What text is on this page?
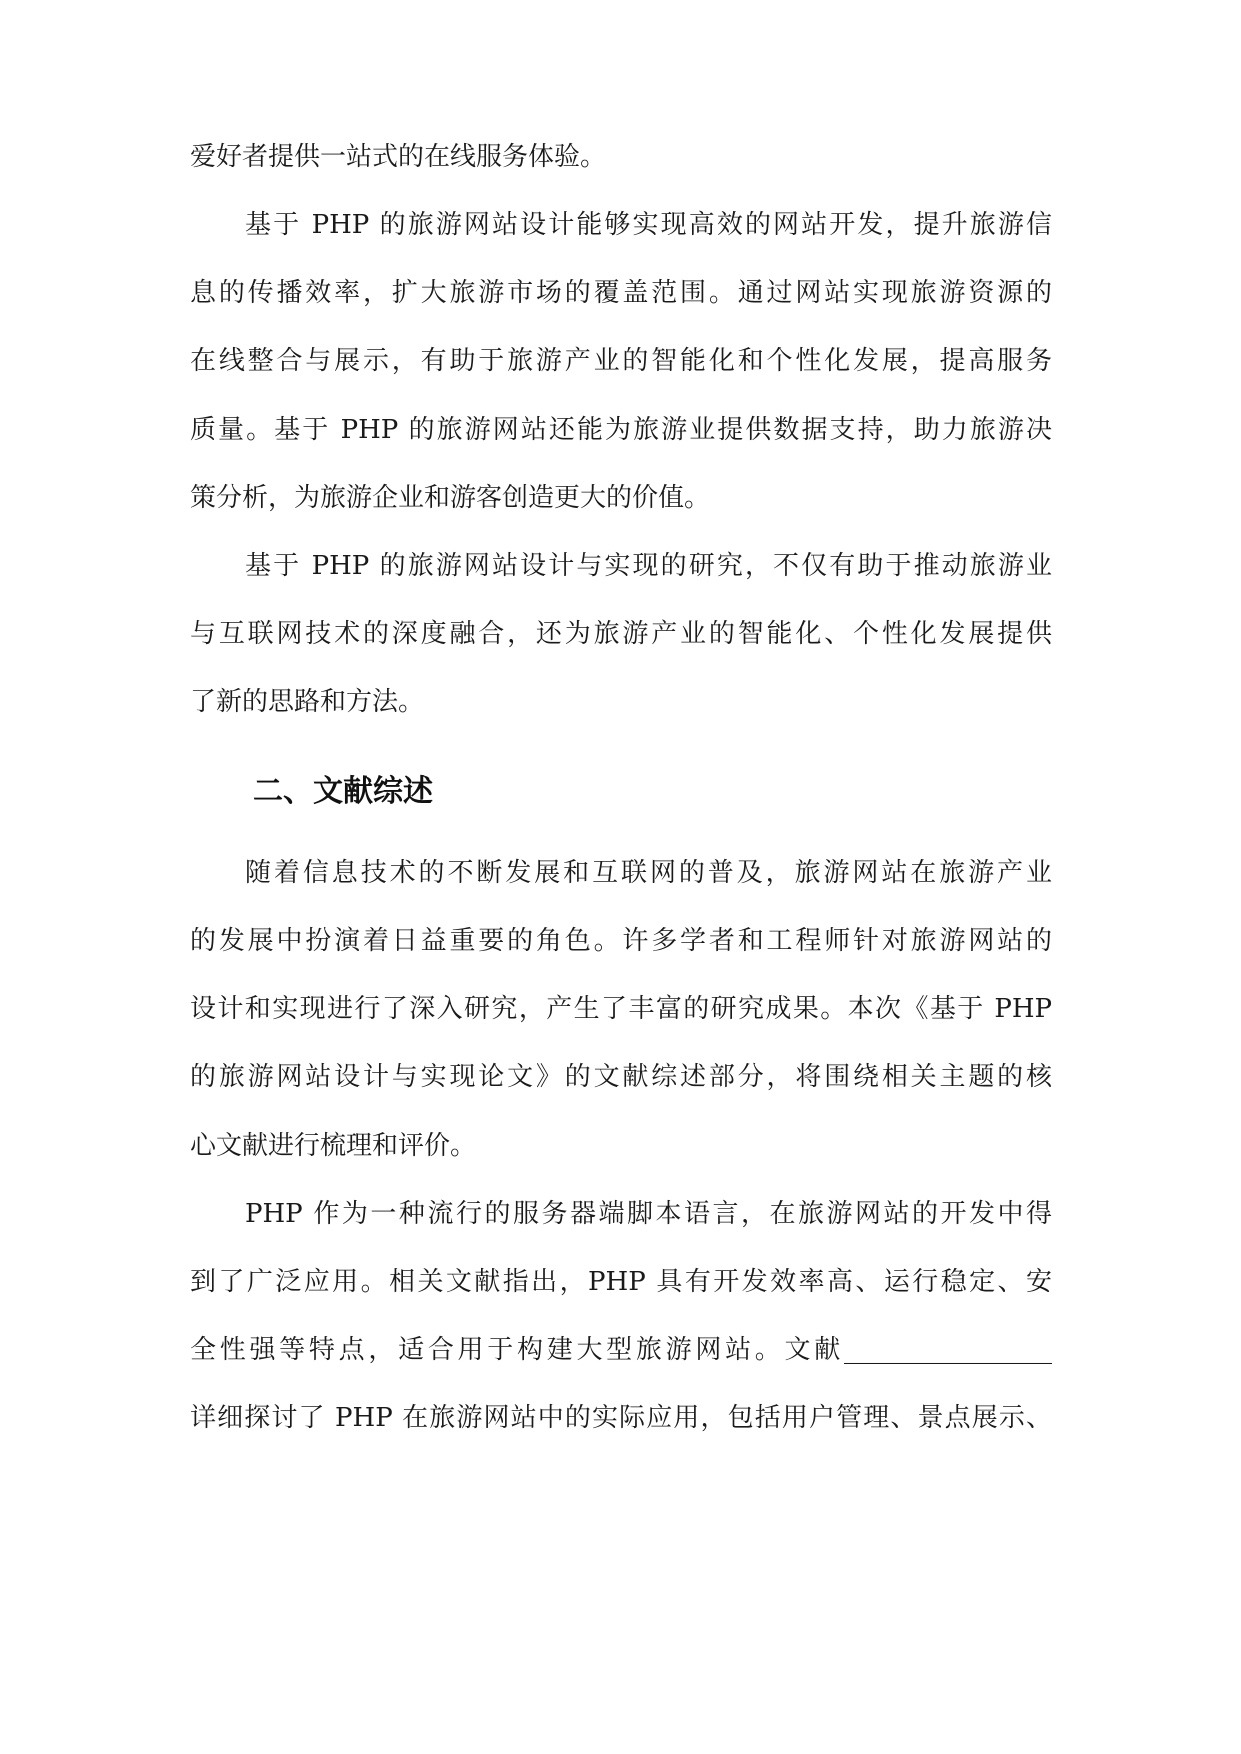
爱好者提供一站式的在线服务体验。
基于 PHP 的旅游网站设计能够实现高效的网站开发，提升旅游信
息的传播效率，扩大旅游市场的覆盖范围。通过网站实现旅游资源的
在线整合与展示，有助于旅游产业的智能化和个性化发展，提高服务
质量。基于 PHP 的旅游网站还能为旅游业提供数据支持，助力旅游决
策分析，为旅游企业和游客创造更大的价值。
基于 PHP 的旅游网站设计与实现的研究，不仅有助于推动旅游业
与互联网技术的深度融合，还为旅游产业的智能化、个性化发展提供
了新的思路和方法。
二、文献综述
随着信息技术的不断发展和互联网的普及，旅游网站在旅游产业
的发展中扮演着日益重要的角色。许多学者和工程师针对旅游网站的
设计和实现进行了深入研究，产生了丰富的研究成果。本次《基于 PHP
的旅游网站设计与实现论文》的文献综述部分，将围绕相关主题的核
心文献进行梳理和评价。
PHP 作为一种流行的服务器端脚本语言，在旅游网站的开发中得
到了广泛应用。相关文献指出，PHP 具有开发效率高、运行稳定、安
全性强等特点，适合用于构建大型旅游网站。文献________________
详细探讨了 PHP 在旅游网站中的实际应用，包括用户管理、景点展示、
